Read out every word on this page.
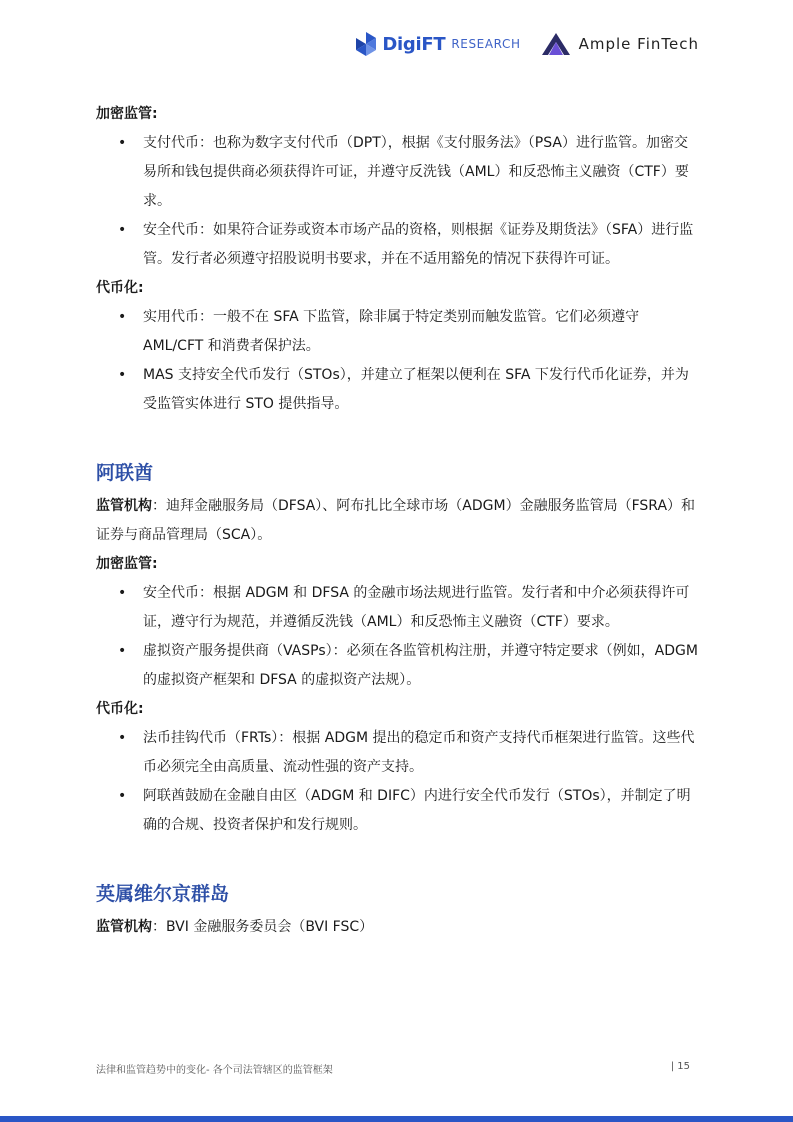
DigiFT RESEARCH	Ample FinTech

加密监管:

• 支付代币：也称为数字支付代币（DPT），根据《支付服务法》（PSA）进行监管。加密交易所和钱包提供商必须获得许可证，并遵守反洗钱（AML）和反恐怖主义融资（CTF）要求。
• 安全代币：如果符合证券或资本市场产品的资格，则根据《证券及期货法》（SFA）进行监管。发行者必须遵守招股说明书要求，并在不适用豁免的情况下获得许可证。

代币化:

• 实用代币：一般不在 SFA 下监管，除非属于特定类别而触发监管。它们必须遵守 AML/CFT 和消费者保护法。
• MAS 支持安全代币发行（STOs），并建立了框架以便利在 SFA 下发行代币化证券，并为受监管实体进行 STO 提供指导。
阿联酋

监管机构：迪拜金融服务局（DFSA）、阿布扎比全球市场（ADGM）金融服务监管局（FSRA）和证券与商品管理局（SCA）。

加密监管:

• 安全代币：根据 ADGM 和 DFSA 的金融市场法规进行监管。发行者和中介必须获得许可证，遵守行为规范，并遵循反洗钱（AML）和反恐怖主义融资（CTF）要求。
• 虚拟资产服务提供商（VASPs）：必须在各监管机构注册，并遵守特定要求（例如，ADGM 的虚拟资产框架和 DFSA 的虚拟资产法规）。

代币化:

• 法币挂钩代币（FRTs）：根据 ADGM 提出的稳定币和资产支持代币框架进行监管。这些代币必须完全由高质量、流动性强的资产支持。
• 阿联酋鼓励在金融自由区（ADGM 和 DIFC）内进行安全代币发行（STOs），并制定了明确的合规、投资者保护和发行规则。
英属维尔京群岛

监管机构：BVI 金融服务委员会（BVI FSC）

法律和监管趋势中的变化- 各个司法管辖区的监管框架	| 15
